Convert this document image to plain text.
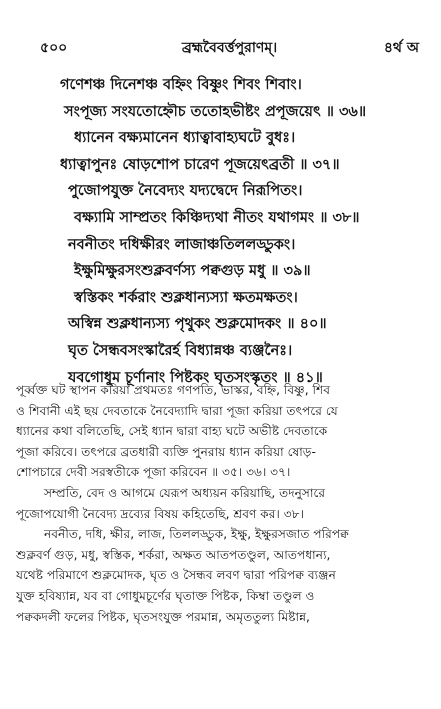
৫০০	ব্রহ্মবৈবর্ত্তপুরাণম্।	৪র্থ অ
গণেশঞ্চ দিনেশঞ্চ বহ্নিং বিষ্ণুং শিবং শিবাং।
সংপূজ্য সংযতোহ্নৌচ ততোহভীষ্টং প্রপূজয়েৎ ॥ ৩৬॥
ধ্যানেন বক্ষ্যমানেন ধ্যাত্বাবাহ্যঘটে বুধঃ।
ধ্যাত্বাপুনঃ ষোড়শোপ চারেণ পূজয়েৎব্রতী ॥ ৩৭॥
পুজোপযুক্ত নৈবেদ্যং যদ্যদ্বেদে নিরূপিতং।
বক্ষ্যামি সাম্প্রতং কিঞ্চিদ্যথা নীতং যথাগমং ॥ ৩৮॥
নবনীতং দধিক্ষীরং লাজাঞ্চতিললড্ডুকং।
ইক্ষুমিক্ষুরসংশুক্লবর্ণস্য পক্বগুড় মধু ॥ ৩৯॥
স্বস্তিকং শর্করাং শুক্লধান্যস্যা ক্ষতমক্ষতং।
অস্বিন্ন শুক্লধান্যস্য পৃথুকং শুক্লমোদকং ॥ ৪০॥
ঘৃত সৈন্ধবসংস্কারৈর্হ বিধ্যান্নঞ্চ ব্যঞ্জনৈঃ।
যবগোধুম চূর্ণানাং পিষ্টকং ঘৃতসংস্কৃতং ॥ ৪১॥
পূর্ব্বক্ত ঘট স্থাপন করিয়া প্রথমতঃ গণপতি, ভাস্কর, বহ্নি, বিষ্ণু, শিব
ও শিবানী এই ছয় দেবতাকে নৈবেদ্যাদি দ্বারা পূজা করিয়া তৎপরে যে
ধ্যানের কথা বলিতেছি, সেই ধ্যান দ্বারা বাহ্য ঘটে অভীষ্ট দেবতাকে
পূজা করিবে। তৎপরে ব্রতধারী ব্যক্তি পুনরায় ধ্যান করিয়া ষোড়-
শোপচারে দেবী সরস্বতীকে পূজা করিবেন ॥ ৩৫। ৩৬। ৩৭।
সম্প্রতি, বেদ ও আগমে যেরূপ অধ্যয়ন করিয়াছি, তদনুসারে
পূজোপযোগী নৈবেদ্য দ্রব্যের বিষয় কহিতেছি, শ্রবণ কর। ৩৮।
নবনীত, দধি, ক্ষীর, লাজ, তিললড্ডুক, ইক্ষু, ইক্ষুরসজাত পরিপক্ব
শুক্লবর্ণ গুড়, মধু, স্বস্তিক, শর্করা, অক্ষত আতপতণ্ডুল, আতপধান্য,
যথেষ্ট পরিমাণে শুক্লমোদক, ঘৃত ও সৈন্ধব লবণ দ্বারা পরিপক্ব ব্যঞ্জন
যুক্ত হবিষ্যান্ন, যব বা গোধুমচূর্ণের ঘৃতাক্ত পিষ্টক, কিম্বা তণ্ডুল ও
পক্বকদলী ফলের পিষ্টক, ঘৃতসংযুক্ত পরমান্ন, অমৃততুল্য মিষ্টান্ন,
